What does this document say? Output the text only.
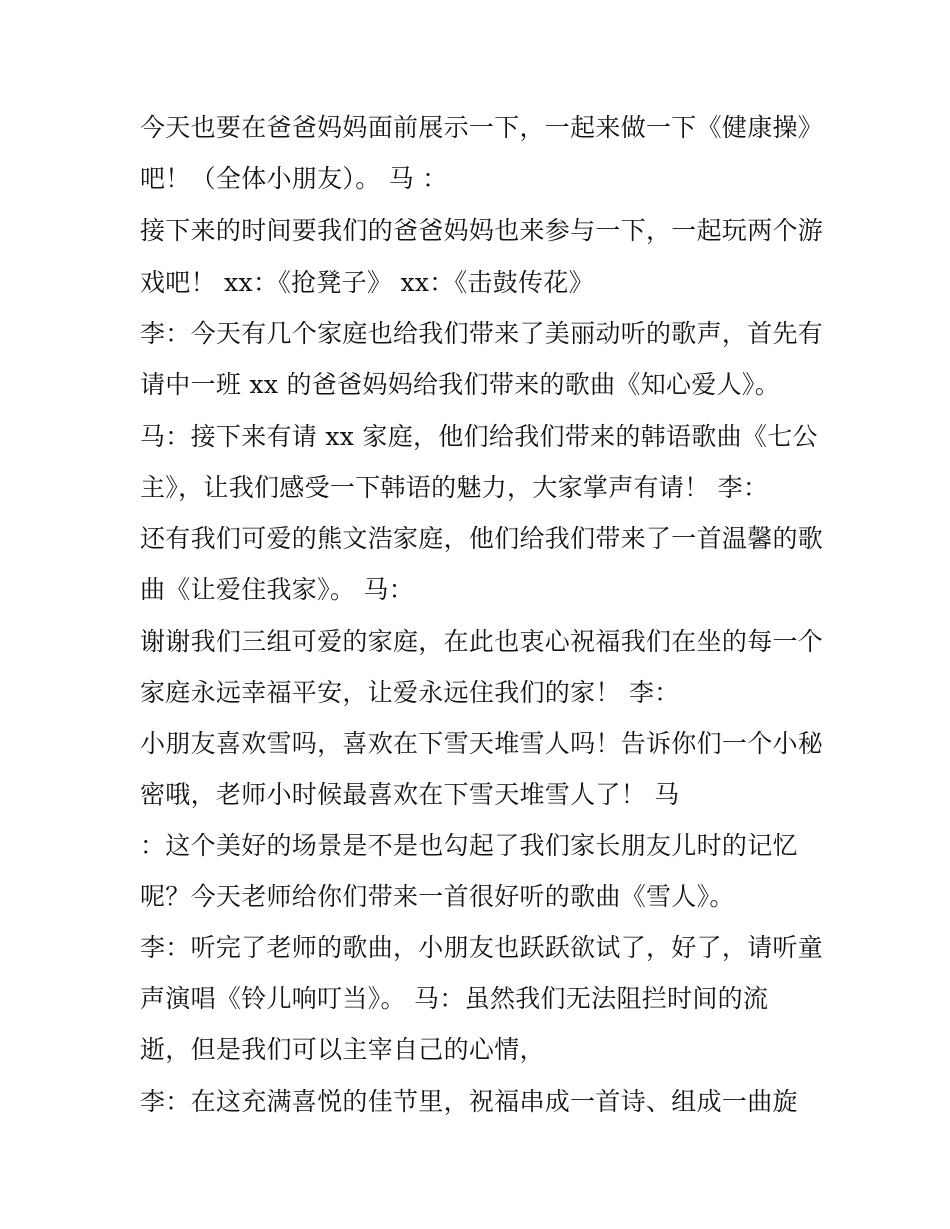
今天也要在爸爸妈妈面前展示一下，一起来做一下《健康操》
吧！（全体小朋友）。 马 ：
接下来的时间要我们的爸爸妈妈也来参与一下，一起玩两个游
戏吧！ xx：《抢凳子》 xx：《击鼓传花》
李：今天有几个家庭也给我们带来了美丽动听的歌声，首先有
请中一班 xx 的爸爸妈妈给我们带来的歌曲《知心爱人》。
马：接下来有请 xx 家庭，他们给我们带来的韩语歌曲《七公
主》，让我们感受一下韩语的魅力，大家掌声有请！ 李：
还有我们可爱的熊文浩家庭，他们给我们带来了一首温馨的歌
曲《让爱住我家》。 马：
谢谢我们三组可爱的家庭，在此也衷心祝福我们在坐的每一个
家庭永远幸福平安，让爱永远住我们的家！ 李：
小朋友喜欢雪吗，喜欢在下雪天堆雪人吗！告诉你们一个小秘
密哦，老师小时候最喜欢在下雪天堆雪人了！ 马
：这个美好的场景是不是也勾起了我们家长朋友儿时的记忆
呢？今天老师给你们带来一首很好听的歌曲《雪人》。
李：听完了老师的歌曲，小朋友也跃跃欲试了，好了，请听童
声演唱《铃儿响叮当》。 马：虽然我们无法阻拦时间的流
逝，但是我们可以主宰自己的心情，
李：在这充满喜悦的佳节里，祝福串成一首诗、组成一曲旋
